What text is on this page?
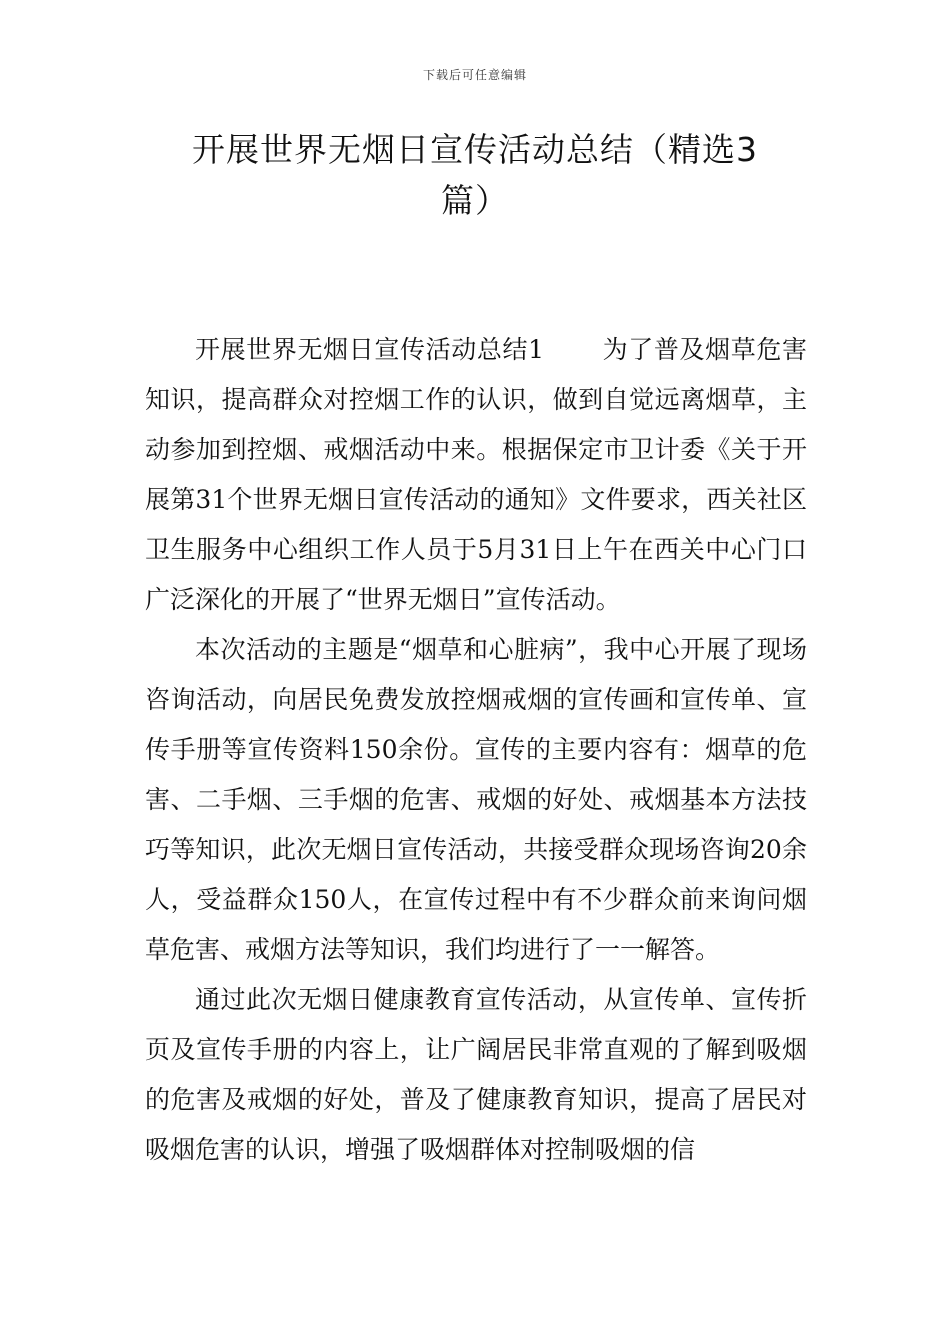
下载后可任意编辑
开展世界无烟日宣传活动总结（精选3篇）

开展世界无烟日宣传活动总结1 为了普及烟草危害知识，提高群众对控烟工作的认识，做到自觉远离烟草，主动参加到控烟、戒烟活动中来。根据保定市卫计委《关于开展第31个世界无烟日宣传活动的通知》文件要求，西关社区卫生服务中心组织工作人员于5月31日上午在西关中心门口广泛深化的开展了“世界无烟日”宣传活动。

本次活动的主题是“烟草和心脏病”，我中心开展了现场咨询活动，向居民免费发放控烟戒烟的宣传画和宣传单、宣传手册等宣传资料150余份。宣传的主要内容有：烟草的危害、二手烟、三手烟的危害、戒烟的好处、戒烟基本方法技巧等知识，此次无烟日宣传活动，共接受群众现场咨询20余人，受益群众150人，在宣传过程中有不少群众前来询问烟草危害、戒烟方法等知识，我们均进行了一一解答。

通过此次无烟日健康教育宣传活动，从宣传单、宣传折页及宣传手册的内容上，让广阔居民非常直观的了解到吸烟的危害及戒烟的好处，普及了健康教育知识，提高了居民对吸烟危害的认识，增强了吸烟群体对控制吸烟的信
